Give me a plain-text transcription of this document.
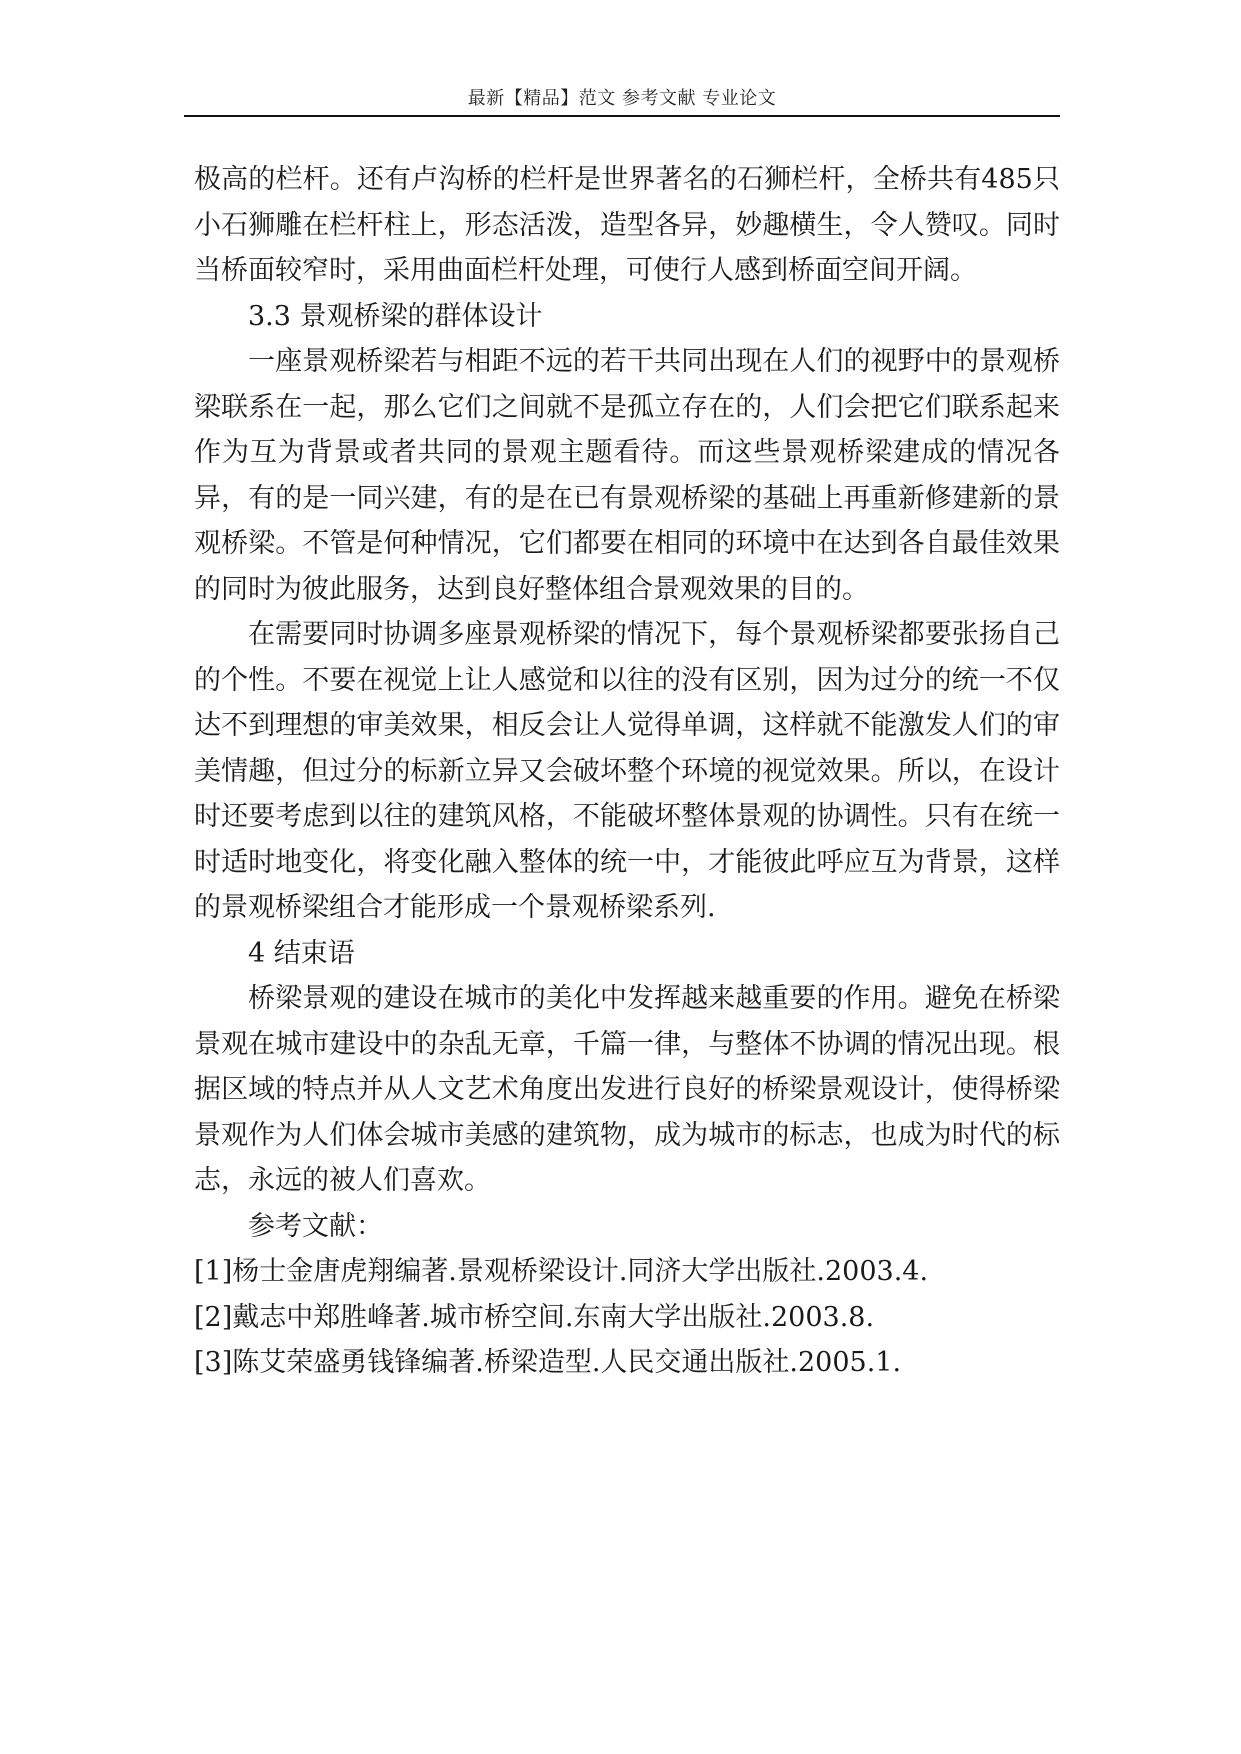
最新【精品】范文 参考文献 专业论文

极高的栏杆。还有卢沟桥的栏杆是世界著名的石狮栏杆，全桥共有485只小石狮雕在栏杆柱上，形态活泼，造型各异，妙趣横生，令人赞叹。同时当桥面较窄时，采用曲面栏杆处理，可使行人感到桥面空间开阔。

3.3 景观桥梁的群体设计

一座景观桥梁若与相距不远的若干共同出现在人们的视野中的景观桥梁联系在一起，那么它们之间就不是孤立存在的，人们会把它们联系起来作为互为背景或者共同的景观主题看待。而这些景观桥梁建成的情况各异，有的是一同兴建，有的是在已有景观桥梁的基础上再重新修建新的景观桥梁。不管是何种情况，它们都要在相同的环境中在达到各自最佳效果的同时为彼此服务，达到良好整体组合景观效果的目的。

在需要同时协调多座景观桥梁的情况下，每个景观桥梁都要张扬自己的个性。不要在视觉上让人感觉和以往的没有区别，因为过分的统一不仅达不到理想的审美效果，相反会让人觉得单调，这样就不能激发人们的审美情趣，但过分的标新立异又会破坏整个环境的视觉效果。所以，在设计时还要考虑到以往的建筑风格，不能破坏整体景观的协调性。只有在统一时适时地变化，将变化融入整体的统一中，才能彼此呼应互为背景，这样的景观桥梁组合才能形成一个景观桥梁系列.

4 结束语

桥梁景观的建设在城市的美化中发挥越来越重要的作用。避免在桥梁景观在城市建设中的杂乱无章，千篇一律，与整体不协调的情况出现。根据区域的特点并从人文艺术角度出发进行良好的桥梁景观设计，使得桥梁景观作为人们体会城市美感的建筑物，成为城市的标志，也成为时代的标志，永远的被人们喜欢。

参考文献：

[1]杨士金唐虎翔编著.景观桥梁设计.同济大学出版社.2003.4.

[2]戴志中郑胜峰著.城市桥空间.东南大学出版社.2003.8.

[3]陈艾荣盛勇钱锋编著.桥梁造型.人民交通出版社.2005.1.
